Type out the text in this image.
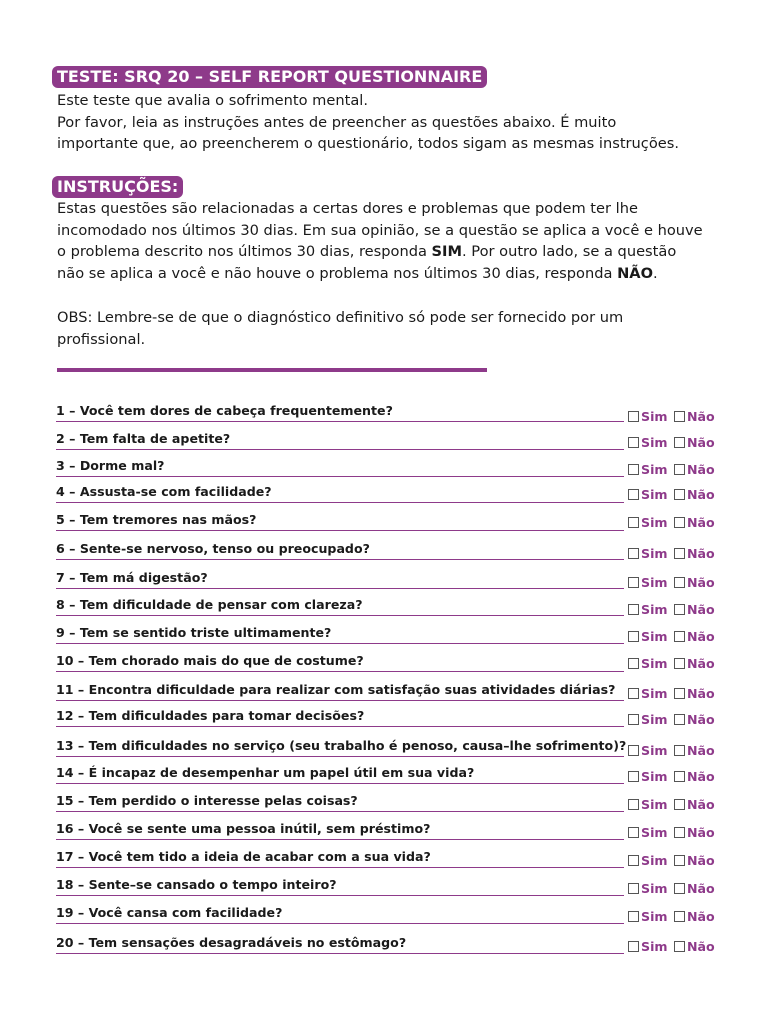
TESTE: SRQ 20 – SELF REPORT QUESTIONNAIRE
Este teste que avalia o sofrimento mental.
Por favor, leia as instruções antes de preencher as questões abaixo. É muito
importante que, ao preencherem o questionário, todos sigam as mesmas instruções.
INSTRUÇÕES:
Estas questões são relacionadas a certas dores e problemas que podem ter lhe
incomodado nos últimos 30 dias. Em sua opinião, se a questão se aplica a você e houve
o problema descrito nos últimos 30 dias, responda SIM. Por outro lado, se a questão
não se aplica a você e não houve o problema nos últimos 30 dias, responda NÃO.
OBS: Lembre-se de que o diagnóstico definitivo só pode ser fornecido por um
profissional.
1 – Você tem dores de cabeça frequentemente?	Sim	Não
2 – Tem falta de apetite?	Sim	Não
3 – Dorme mal?	Sim	Não
4 – Assusta-se com facilidade?	Sim	Não
5 – Tem tremores nas mãos?	Sim	Não
6 – Sente-se nervoso, tenso ou preocupado?	Sim	Não
7 – Tem má digestão?	Sim	Não
8 – Tem dificuldade de pensar com clareza?	Sim	Não
9 – Tem se sentido triste ultimamente?	Sim	Não
10 – Tem chorado mais do que de costume?	Sim	Não
11 – Encontra dificuldade para realizar com satisfação suas atividades diárias?	Sim	Não
12 – Tem dificuldades para tomar decisões?	Sim	Não
13 – Tem dificuldades no serviço (seu trabalho é penoso, causa–lhe sofrimento)?	Sim	Não
14 – É incapaz de desempenhar um papel útil em sua vida?	Sim	Não
15 – Tem perdido o interesse pelas coisas?	Sim	Não
16 – Você se sente uma pessoa inútil, sem préstimo?	Sim	Não
17 – Você tem tido a ideia de acabar com a sua vida?	Sim	Não
18 – Sente–se cansado o tempo inteiro?	Sim	Não
19 – Você cansa com facilidade?	Sim	Não
20 – Tem sensações desagradáveis no estômago?	Sim	Não
